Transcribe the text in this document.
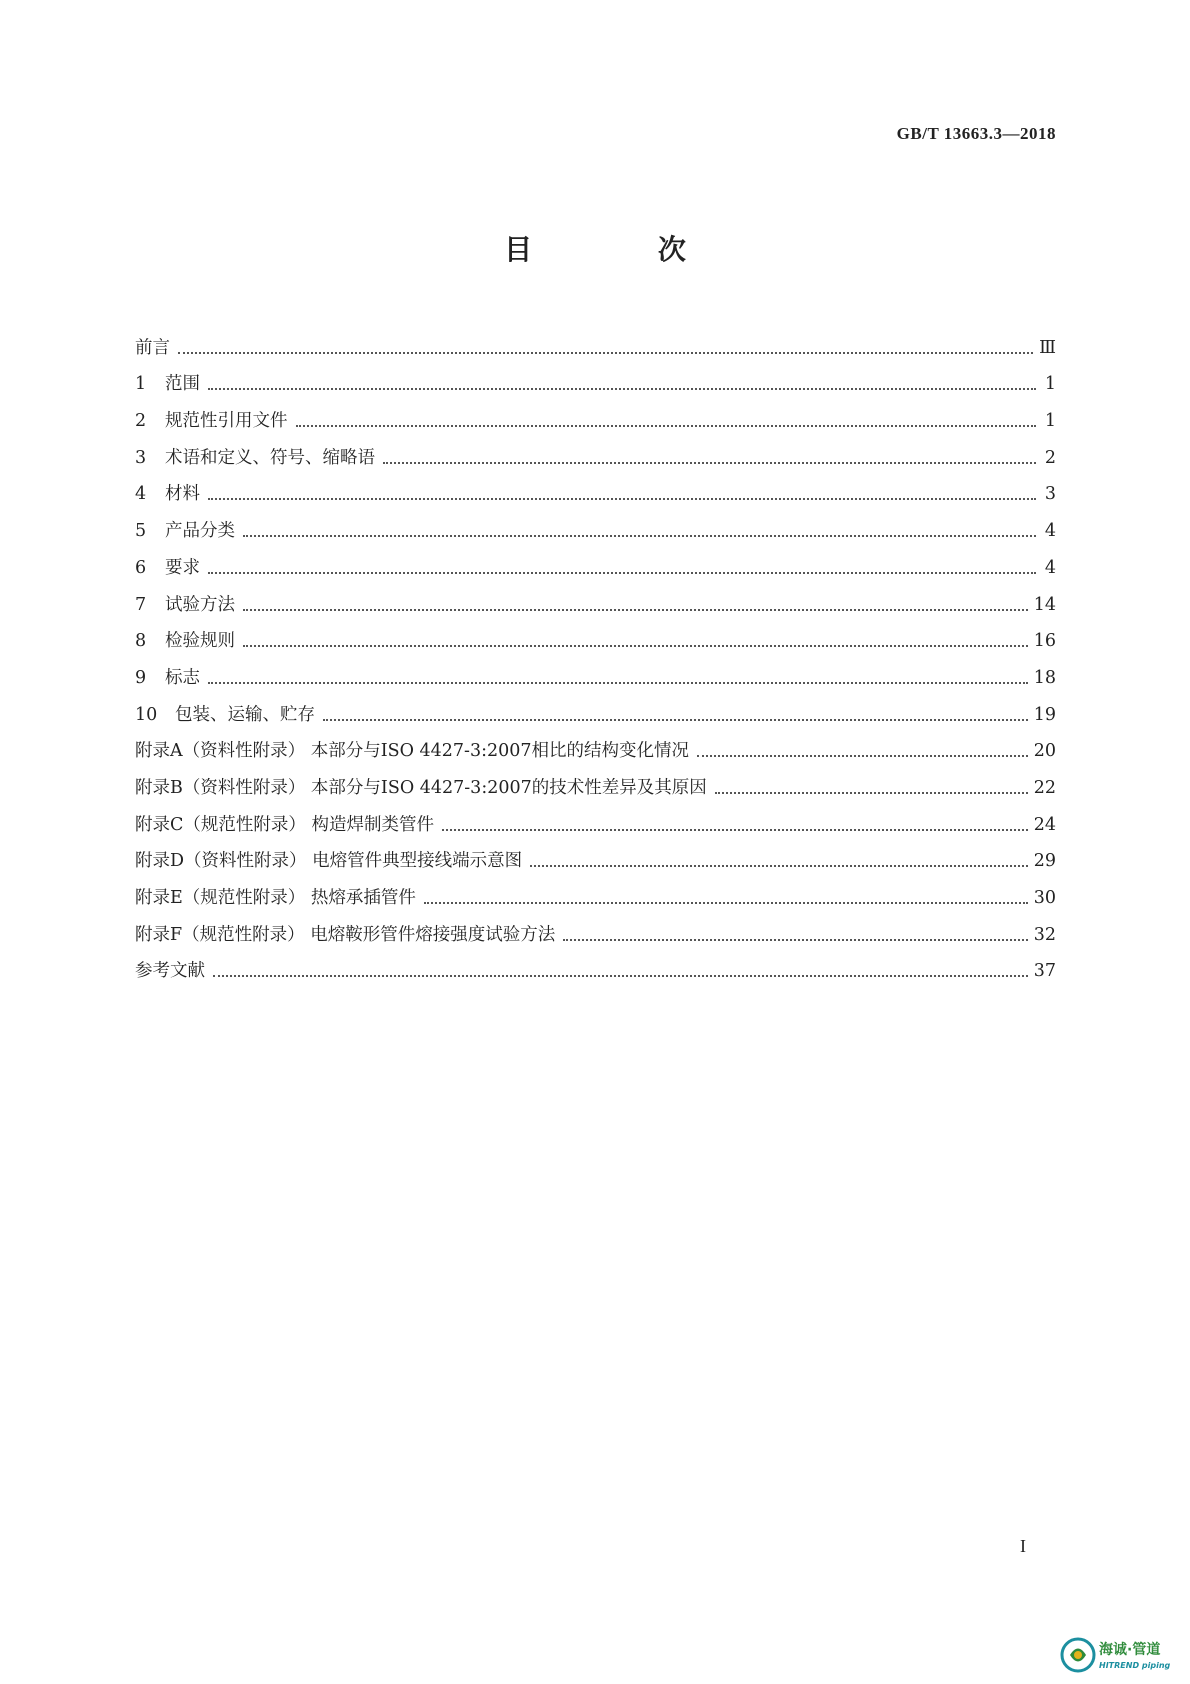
GB/T 13663.3—2018
目 次
前言	Ⅲ
1 范围	1
2 规范性引用文件	1
3 术语和定义、符号、缩略语	2
4 材料	3
5 产品分类	4
6 要求	4
7 试验方法	14
8 检验规则	16
9 标志	18
10 包装、运输、贮存	19
附录A（资料性附录） 本部分与ISO 4427-3:2007相比的结构变化情况	20
附录B（资料性附录） 本部分与ISO 4427-3:2007的技术性差异及其原因	22
附录C（规范性附录） 构造焊制类管件	24
附录D（资料性附录） 电熔管件典型接线端示意图	29
附录E（规范性附录） 热熔承插管件	30
附录F（规范性附录） 电熔鞍形管件熔接强度试验方法	32
参考文献	37
I
海诚·管道
HITREND piping
